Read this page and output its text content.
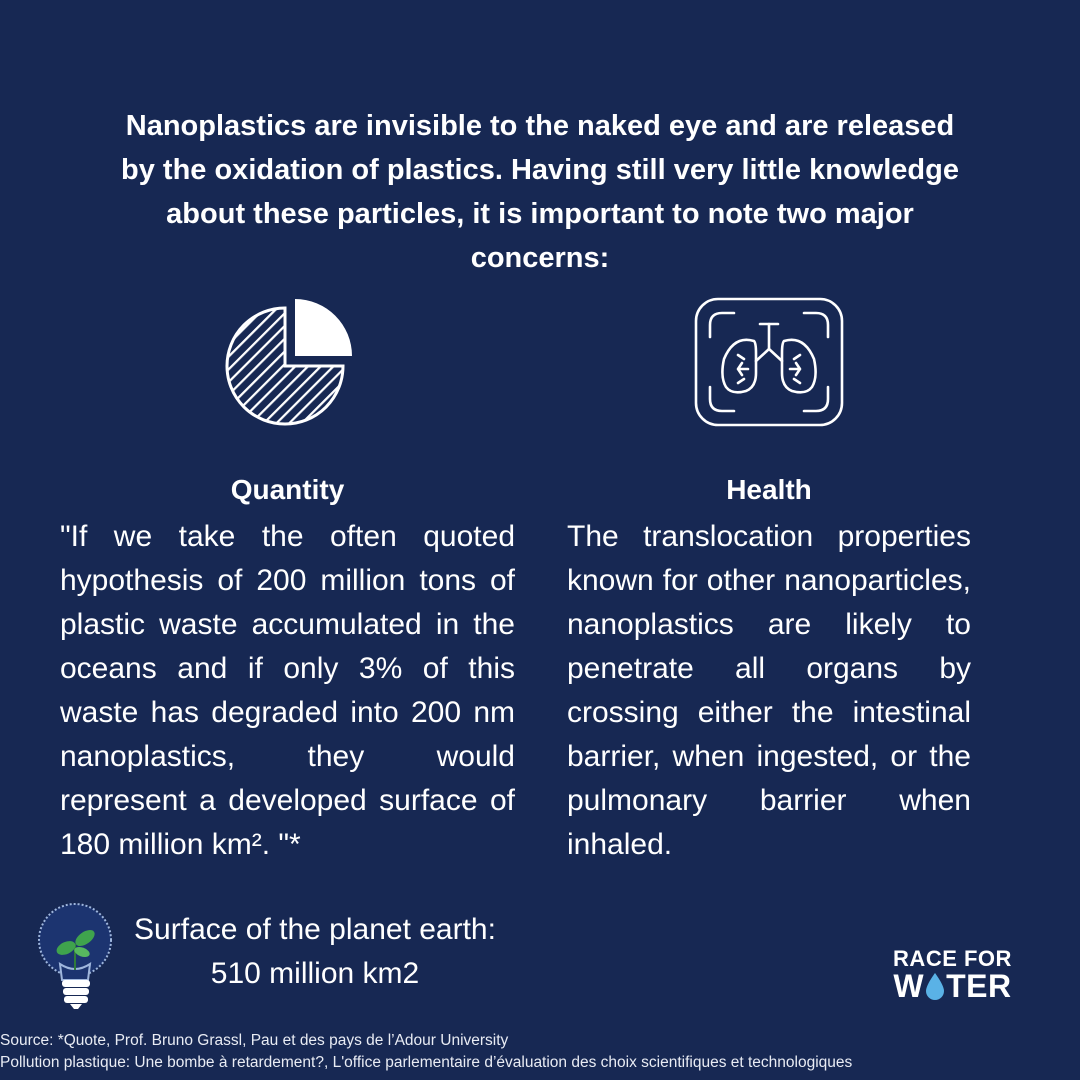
Nanoplastics are invisible to the naked eye and are released by the oxidation of plastics. Having still very little knowledge about these particles, it is important to note two major concerns:
Quantity
"If we take the often quoted hypothesis of 200 million tons of plastic waste accumulated in the oceans and if only 3% of this waste has degraded into 200 nm nanoplastics, they would represent a developed surface of 180 million km². "*
Health
The translocation properties known for other nanoparticles, nanoplastics are likely to penetrate all organs by crossing either the intestinal barrier, when ingested, or the pulmonary barrier when inhaled.
Surface of the planet earth:
510 million km2	RACE FOR
W TER
Source: *Quote, Prof. Bruno Grassl, Pau et des pays de l’Adour University
Pollution plastique: Une bombe à retardement?, L'office parlementaire d’évaluation des choix scientifiques et technologiques
